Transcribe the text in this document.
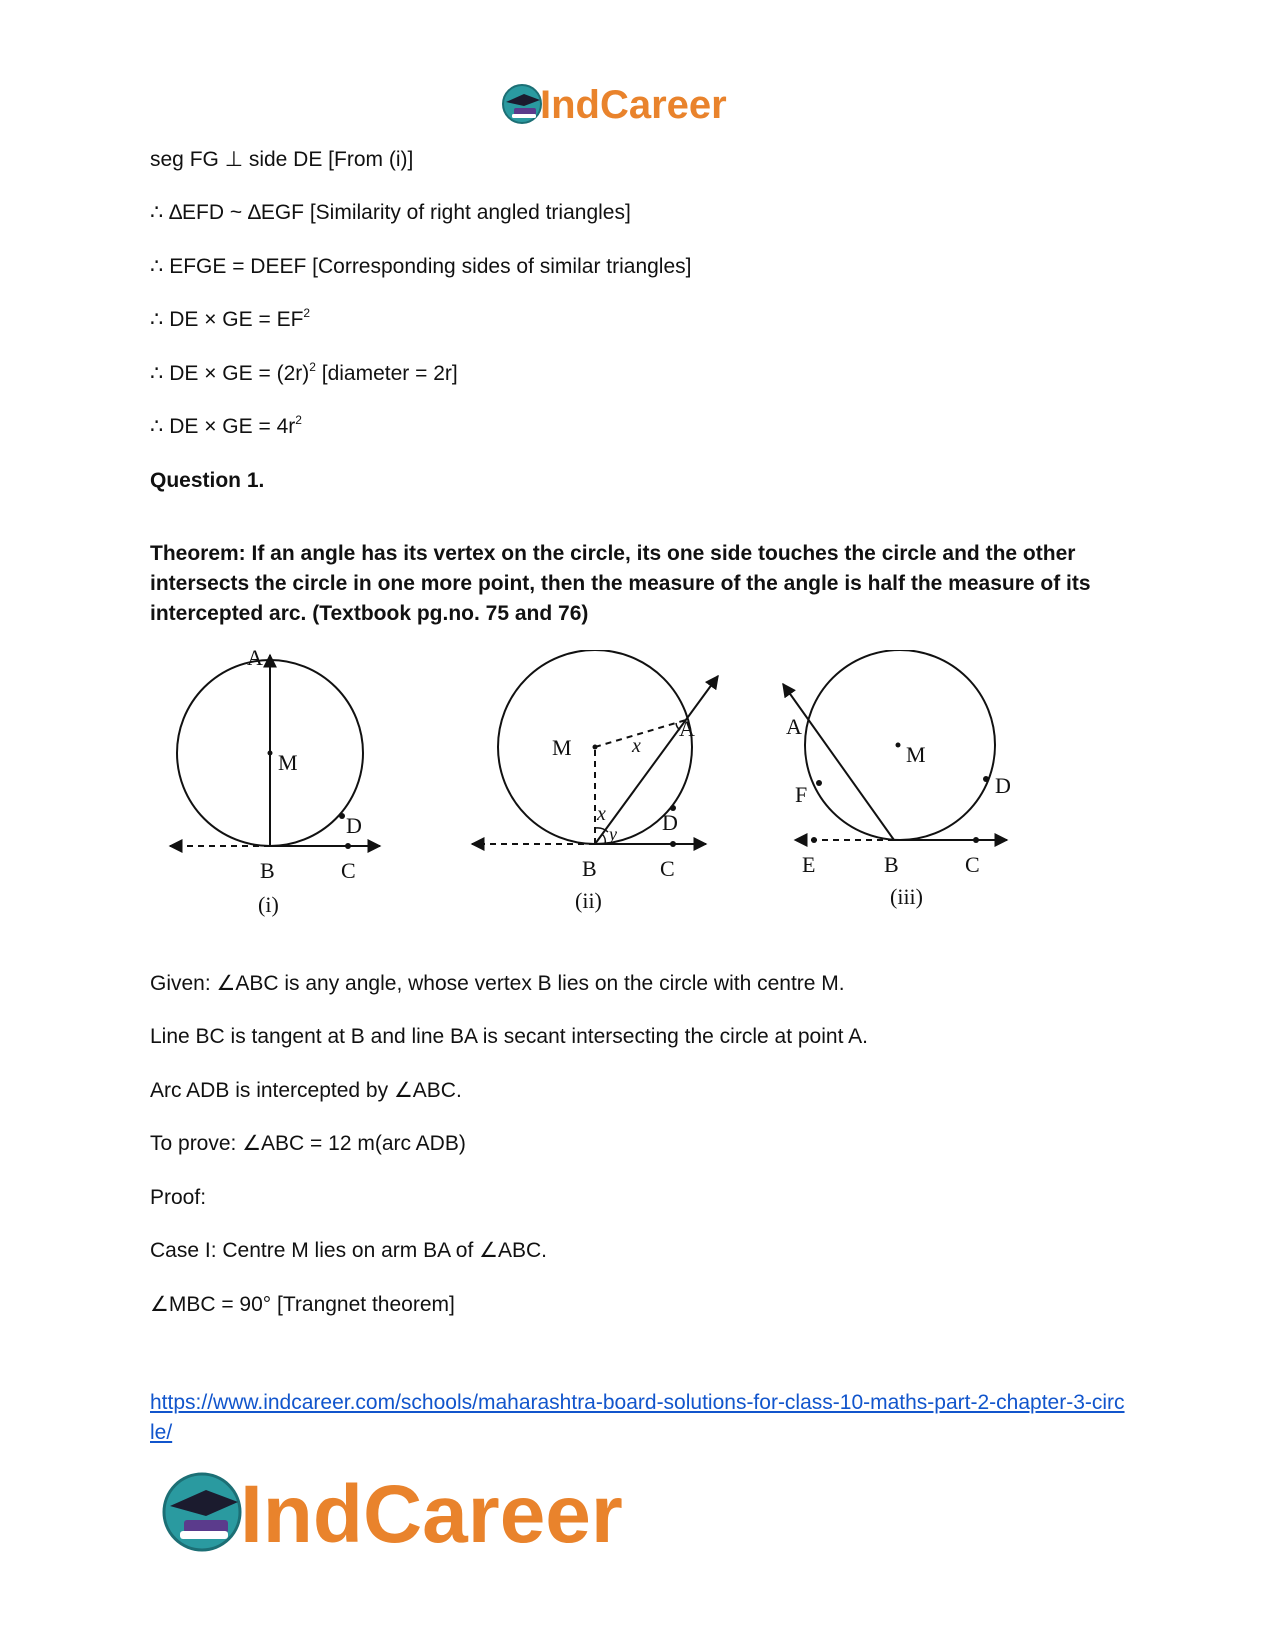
IndCareer

seg FG ⊥ side DE [From (i)]

∴ ∆EFD ~ ∆EGF [Similarity of right angled triangles]

∴ EFGE = DEEF [Corresponding sides of similar triangles]

∴ DE × GE = $EF^2$

∴ DE × GE = $(2r)^2$ [diameter = 2r]

∴ DE × GE = $4r^2$

Question 1.

Theorem: If an angle has its vertex on the circle, its one side touches the circle and the other intersects the circle in one more point, then the measure of the angle is half the measure of its intercepted arc. (Textbook pg.no. 75 and 76)

A
M
D
B	C
(i)
M
A
x
x
y D
B	C
(ii)
A
M
F	D
E	B	C
(iii)

Given: ∠ABC is any angle, whose vertex B lies on the circle with centre M.

Line BC is tangent at B and line BA is secant intersecting the circle at point A.

Arc ADB is intercepted by ∠ABC.

To prove: ∠ABC = 12 m(arc ADB)

Proof:

Case I: Centre M lies on arm BA of ∠ABC.

∠MBC = 90° [Trangnet theorem]

https://www.indcareer.com/schools/maharashtra-board-solutions-for-class-10-maths-part-2-chapter-3-circle/
IndCareer
